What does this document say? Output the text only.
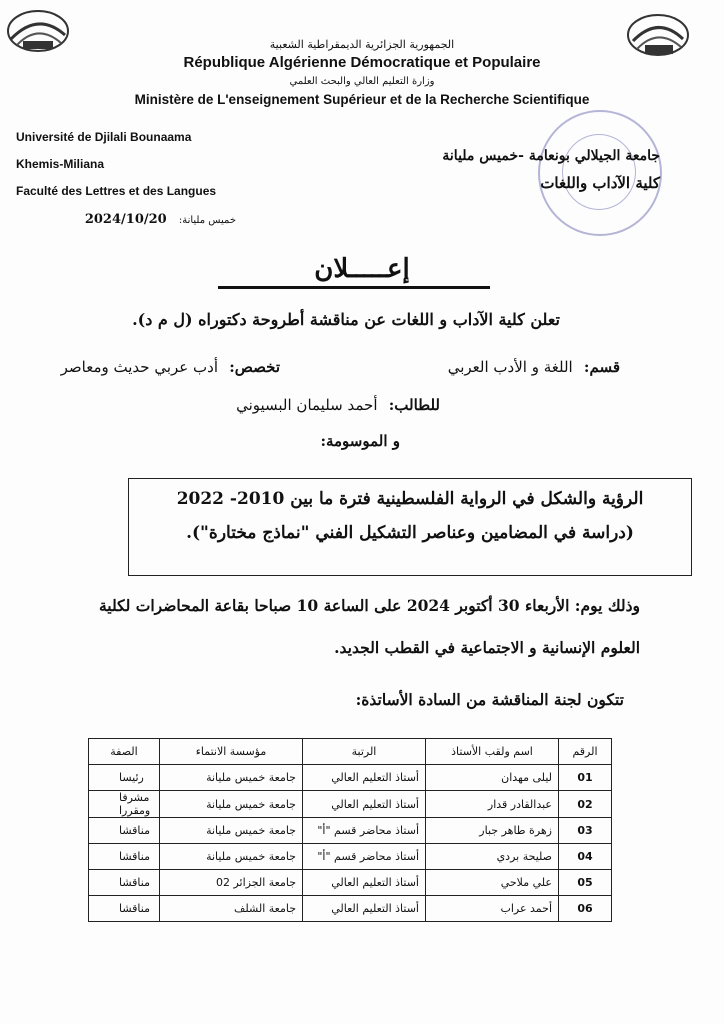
الجمهورية الجزائرية الديمقراطية الشعبية
République Algérienne Démocratique et Populaire
وزارة التعليم العالي والبحث العلمي
Ministère de L'enseignement Supérieur et de la Recherche Scientifique
Université de Djilali Bounaama
Khemis-Miliana
Faculté des Lettres et des Langues
جامعة الجيلالي بونعامة -خميس مليانة
كلية الآداب واللغات
خميس مليانة: 2024/10/20
إعـــــلان
تعلن كلية الآداب و اللغات عن مناقشة أطروحة دكتوراه (ل م د).
قسم: اللغة و الأدب العربي
تخصص: أدب عربي حديث ومعاصر
للطالب: أحمد سليمان البسيوني
و الموسومة:
الرؤية والشكل في الرواية الفلسطينية فترة ما بين 2010- 2022
(دراسة في المضامين وعناصر التشكيل الفني "نماذج مختارة").
وذلك يوم: الأربعاء 30 أكتوبر 2024 على الساعة 10 صباحا بقاعة المحاضرات لكلية
العلوم الإنسانية و الاجتماعية في القطب الجديد.
تتكون لجنة المناقشة من السادة الأساتذة:
الرقم	اسم ولقب الأستاذ	الرتبة	مؤسسة الانتماء	الصفة
01	ليلى مهدان	أستاذ التعليم العالي	جامعة خميس مليانة	رئيسا
02	عبدالقادر قدار	أستاذ التعليم العالي	جامعة خميس مليانة	مشرفا ومقررا
03	زهرة طاهر جبار	أستاذ محاضر قسم "أ"	جامعة خميس مليانة	مناقشا
04	صليحة بردي	أستاذ محاضر قسم "أ"	جامعة خميس مليانة	مناقشا
05	علي ملاحي	أستاذ التعليم العالي	جامعة الجزائر 02	مناقشا
06	أحمد عراب	أستاذ التعليم العالي	جامعة الشلف	مناقشا
